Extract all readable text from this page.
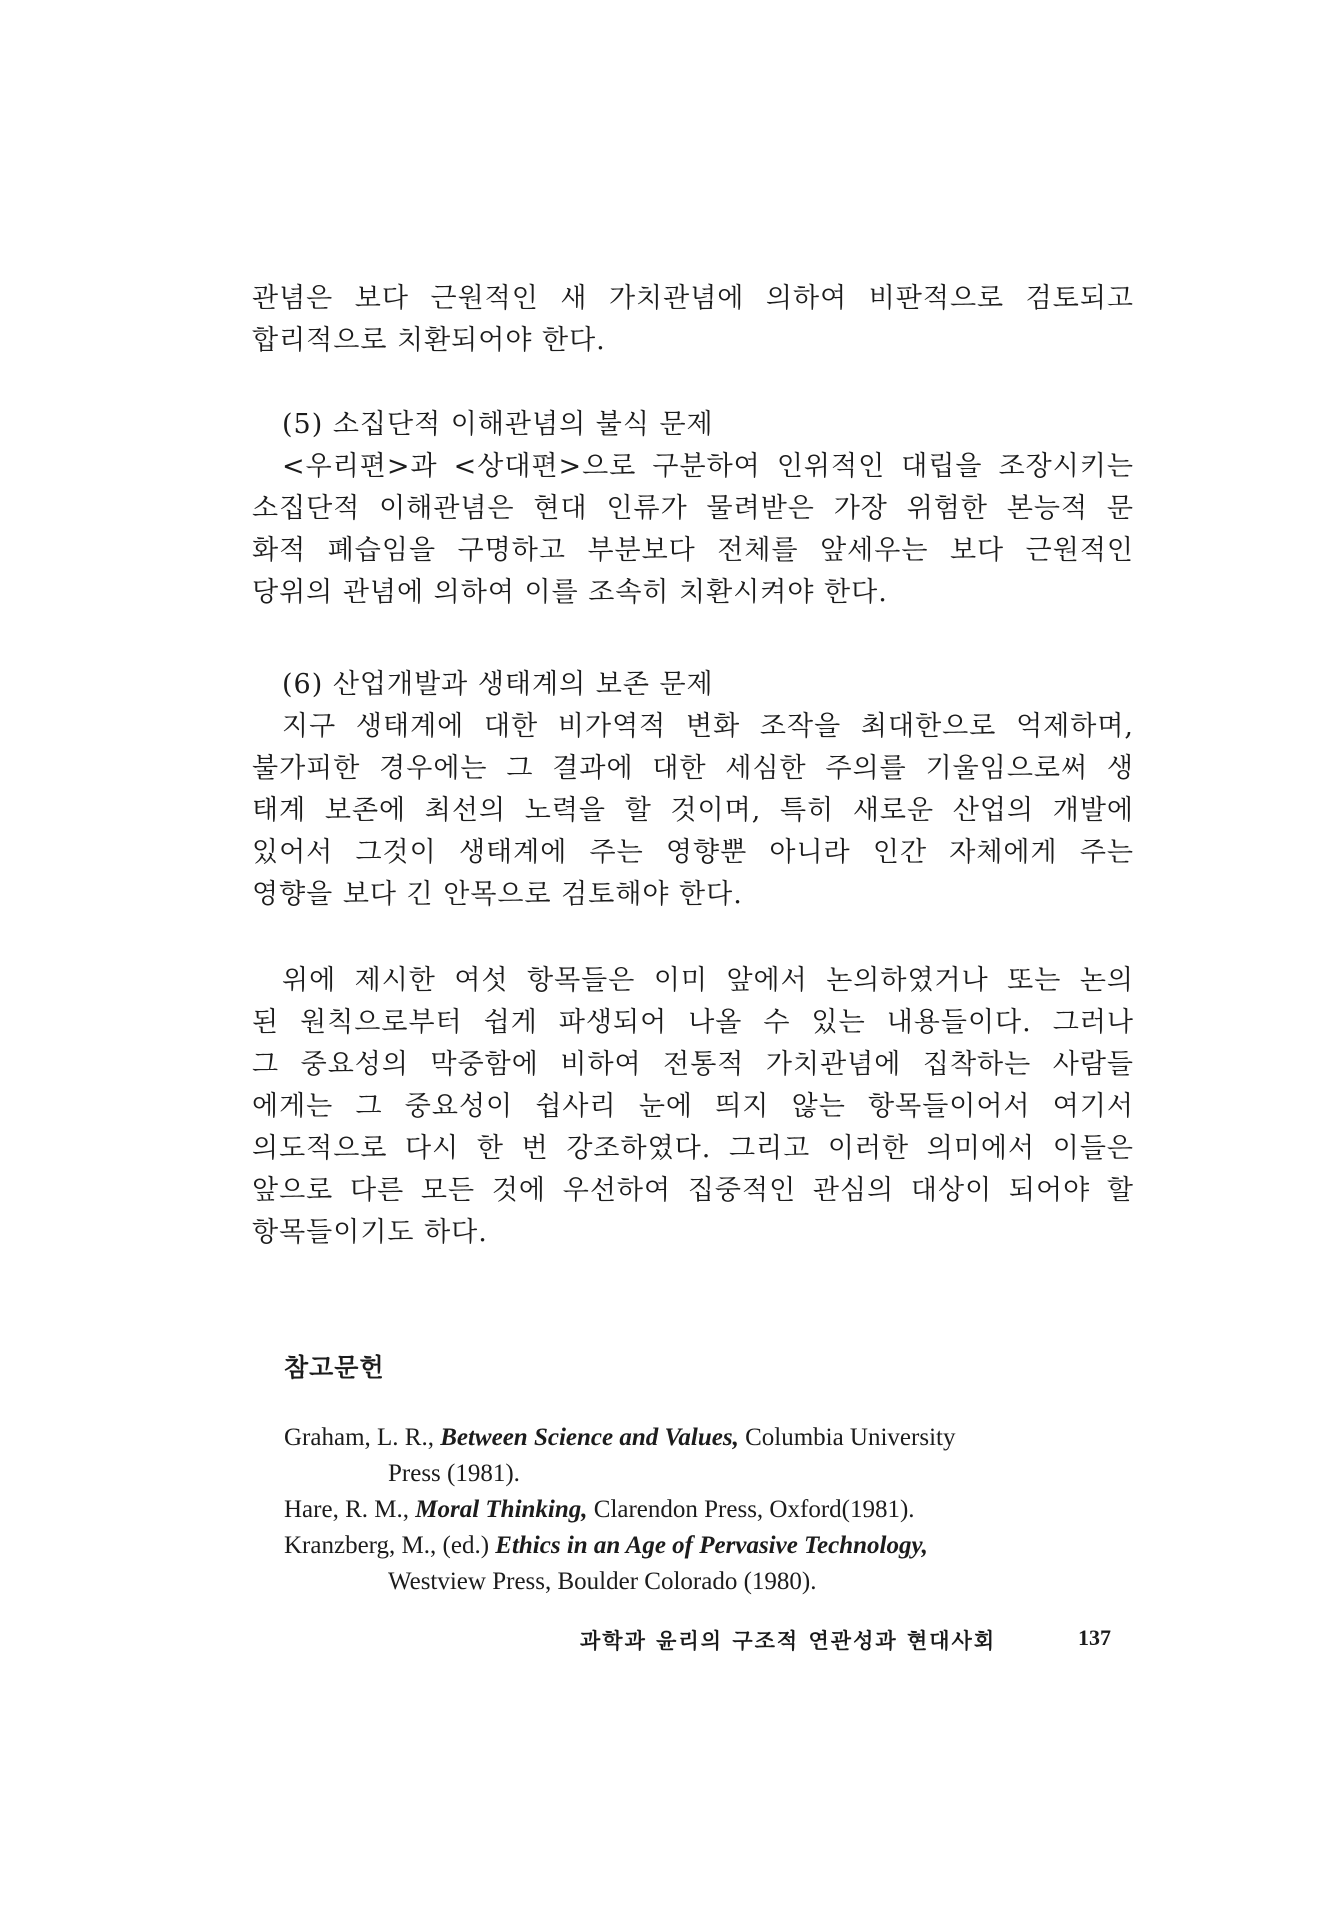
관념은 보다 근원적인 새 가치관념에 의하여 비판적으로 검토되고
합리적으로 치환되어야 한다.
(5) 소집단적 이해관념의 불식 문제
<우리편>과 <상대편>으로 구분하여 인위적인 대립을 조장시키는
소집단적 이해관념은 현대 인류가 물려받은 가장 위험한 본능적 문
화적 폐습임을 구명하고 부분보다 전체를 앞세우는 보다 근원적인
당위의 관념에 의하여 이를 조속히 치환시켜야 한다.
(6) 산업개발과 생태계의 보존 문제
지구 생태계에 대한 비가역적 변화 조작을 최대한으로 억제하며,
불가피한 경우에는 그 결과에 대한 세심한 주의를 기울임으로써 생
태계 보존에 최선의 노력을 할 것이며, 특히 새로운 산업의 개발에
있어서 그것이 생태계에 주는 영향뿐 아니라 인간 자체에게 주는
영향을 보다 긴 안목으로 검토해야 한다.
위에 제시한 여섯 항목들은 이미 앞에서 논의하였거나 또는 논의
된 원칙으로부터 쉽게 파생되어 나올 수 있는 내용들이다. 그러나
그 중요성의 막중함에 비하여 전통적 가치관념에 집착하는 사람들
에게는 그 중요성이 쉽사리 눈에 띄지 않는 항목들이어서 여기서
의도적으로 다시 한 번 강조하였다. 그리고 이러한 의미에서 이들은
앞으로 다른 모든 것에 우선하여 집중적인 관심의 대상이 되어야 할
항목들이기도 하다.
참고문헌
Graham, L. R., Between Science and Values, Columbia University
Press (1981).
Hare, R. M., Moral Thinking, Clarendon Press, Oxford(1981).
Kranzberg, M., (ed.) Ethics in an Age of Pervasive Technology,
Westview Press, Boulder Colorado (1980).
과학과 윤리의 구조적 연관성과 현대사회	137
